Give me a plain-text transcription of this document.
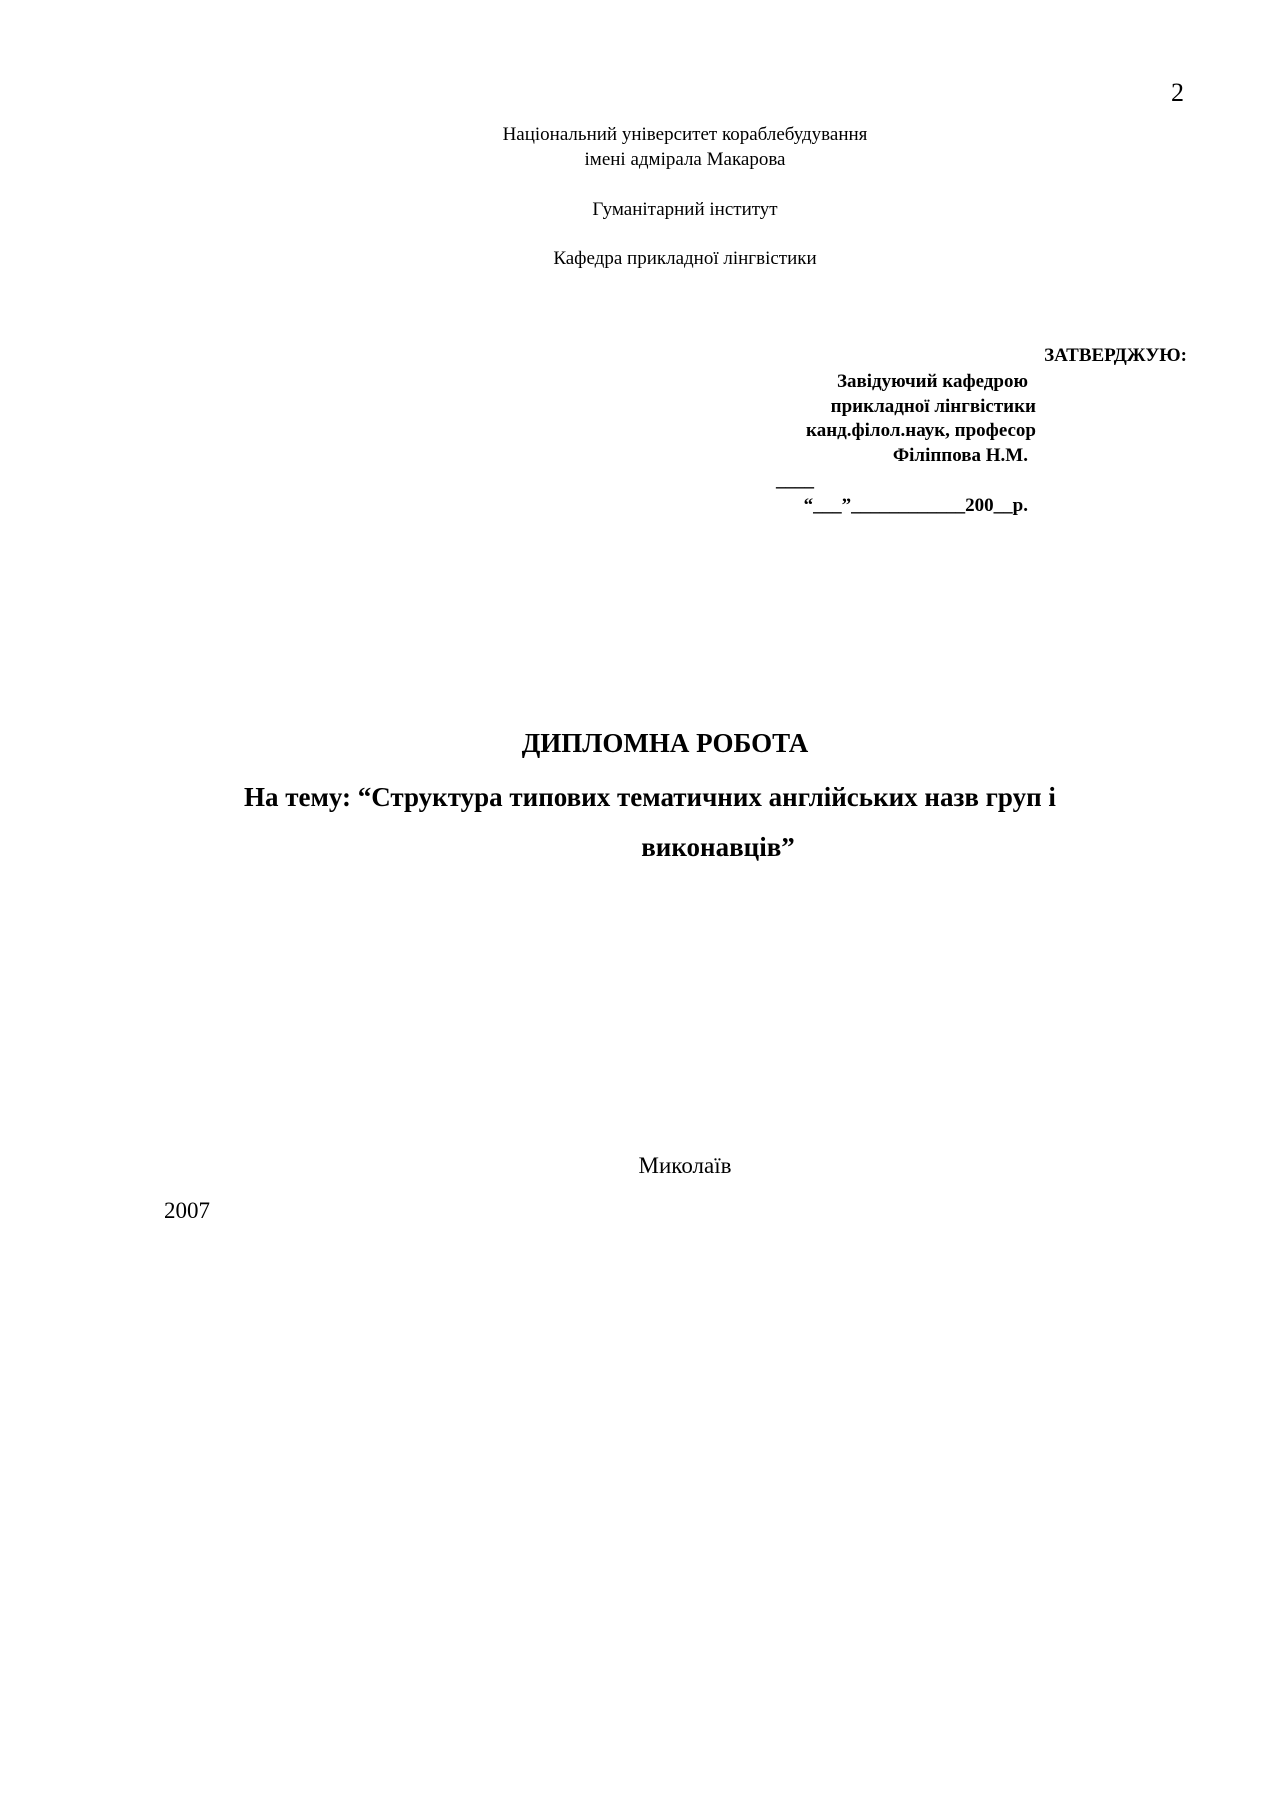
2
Національний університет кораблебудування
імені адмірала Макарова
Гуманітарний інститут
Кафедра прикладної лінгвістики
ЗАТВЕРДЖУЮ:
Завідуючий кафедрою
прикладної лінгвістики
канд.філол.наук, професор
Філіппова Н.М.
____
“___”____________200__р.
ДИПЛОМНА РОБОТА
На тему: “Структура типових тематичних англійських назв груп і
виконавців”
Миколаїв
2007
